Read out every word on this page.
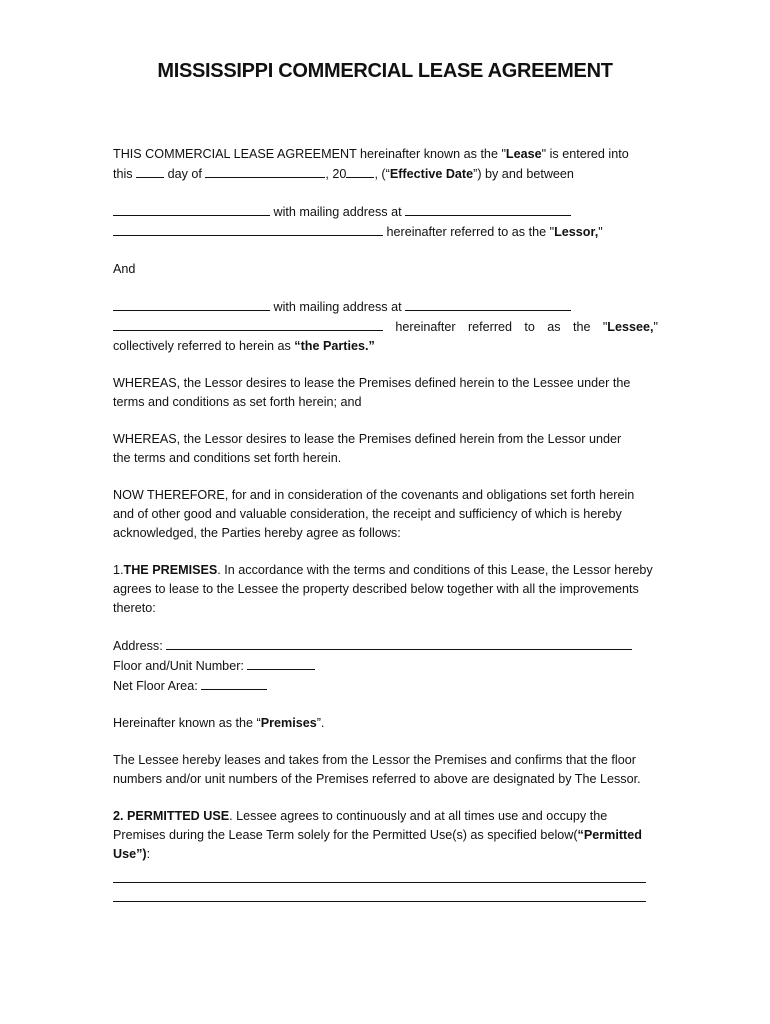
MISSISSIPPI COMMERCIAL LEASE AGREEMENT
THIS COMMERCIAL LEASE AGREEMENT hereinafter known as the "Lease" is entered into
this	day of	, 20 , (“Effective Date”) by and between
with mailing address at
hereinafter referred to as the "Lessor,"
And
with mailing address at
hereinafter referred to as the "Lessee,"
collectively referred to herein as “the Parties.”
WHEREAS, the Lessor desires to lease the Premises defined herein to the Lessee under the terms and conditions as set forth herein; and
WHEREAS, the Lessor desires to lease the Premises defined herein from the Lessor under the terms and conditions set forth herein.
NOW THEREFORE, for and in consideration of the covenants and obligations set forth herein and of other good and valuable consideration, the receipt and sufficiency of which is hereby acknowledged, the Parties hereby agree as follows:
1.THE PREMISES. In accordance with the terms and conditions of this Lease, the Lessor hereby agrees to lease to the Lessee the property described below together with all the improvements thereto:
Address:
Floor and/Unit Number:
Net Floor Area:
Hereinafter known as the “Premises”.
The Lessee hereby leases and takes from the Lessor the Premises and confirms that the floor numbers and/or unit numbers of the Premises referred to above are designated by The Lessor.
2. PERMITTED USE. Lessee agrees to continuously and at all times use and occupy the Premises during the Lease Term solely for the Permitted Use(s) as specified below(“Permitted Use”):
